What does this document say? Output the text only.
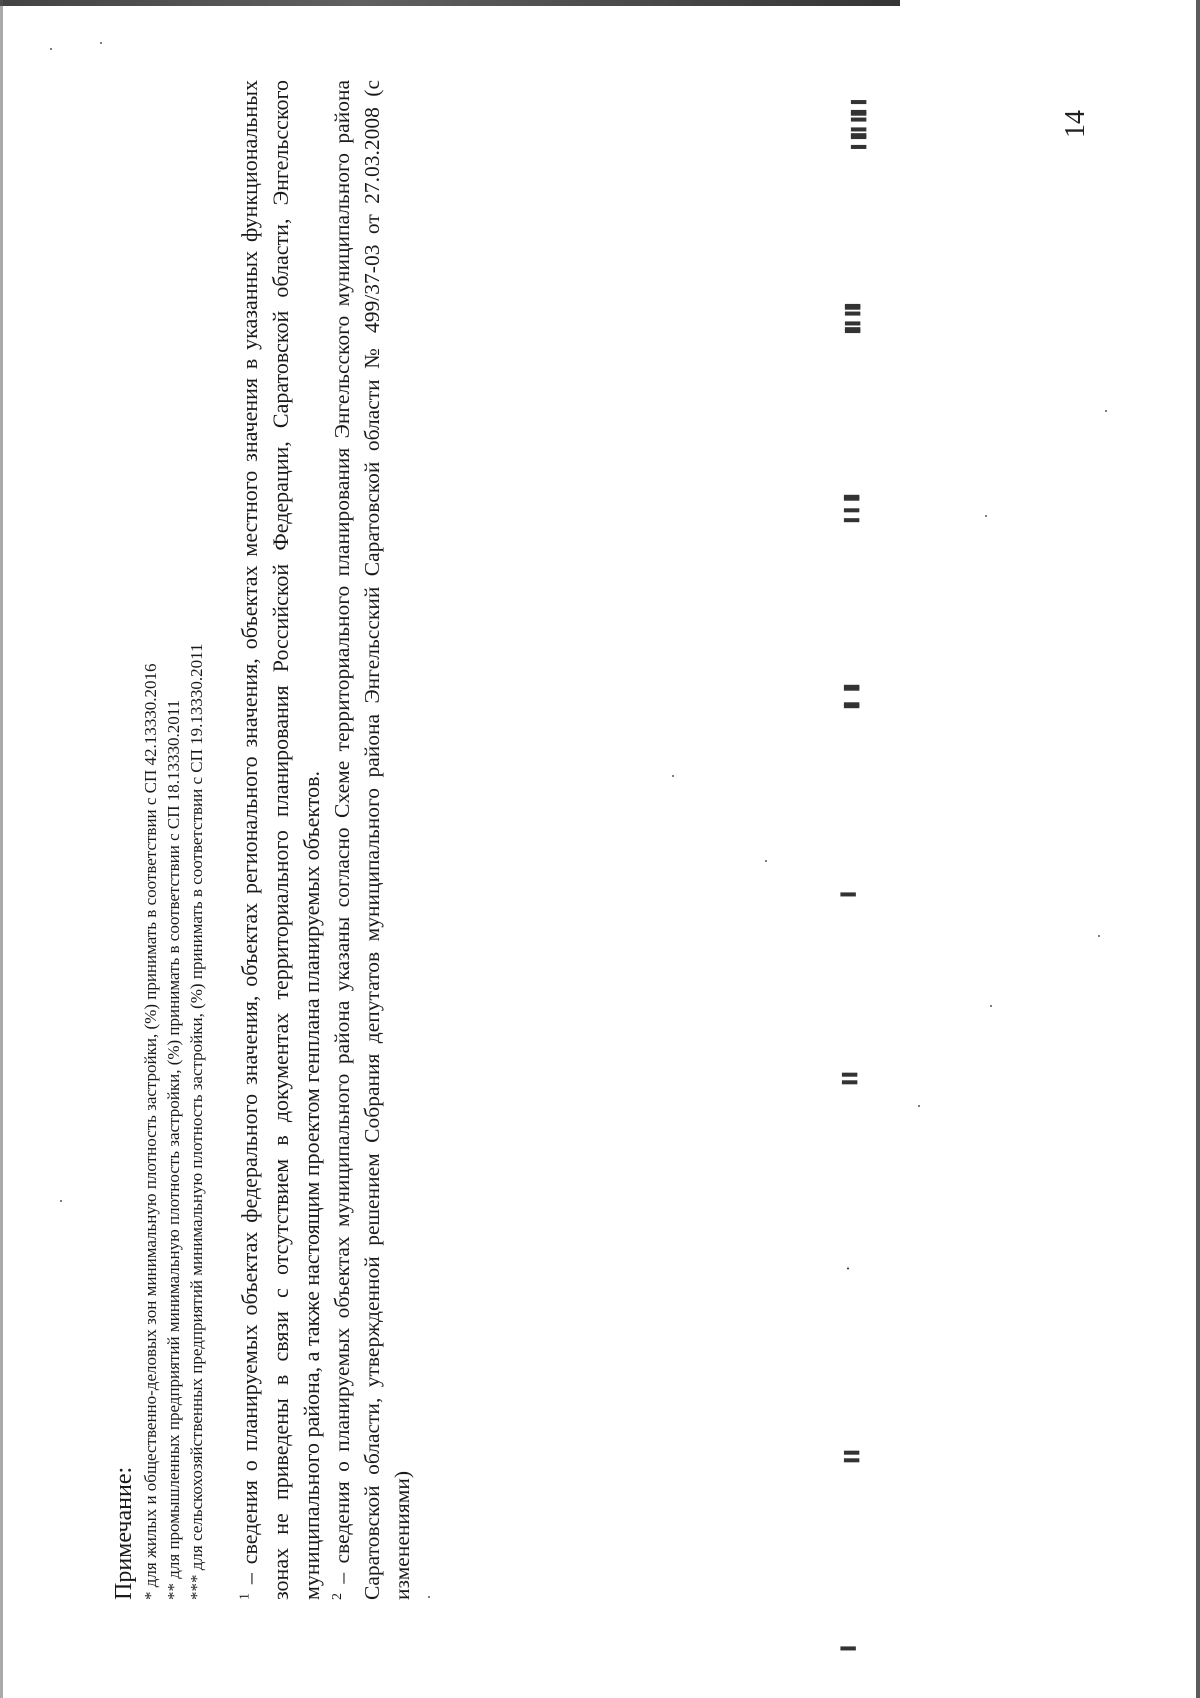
Примечание: * для жилых и общественно-деловых зон минимальную плотность застройки, (%) принимать в соответствии с СП 42.13330.2016 ** для промышленных предприятий минимальную плотность застройки, (%) принимать в соответствии с СП 18.13330.2011 *** для сельскохозяйственных предприятий минимальную плотность застройки, (%) принимать в соответствии с СП 19.13330.2011 $^1$ – сведения о планируемых объектах федерального значения, объектах регионального значения, объектах местного значения в указанных функциональных зонах не приведены в связи с отсутствием в документах территориального планирования Российской Федерации, Саратовской области, Энгельсского муниципального района, а также настоящим проектом генплана планируемых объектов. $^2$ – сведения о планируемых объектах муниципального района указаны согласно Схеме территориального планирования Энгельсского муниципального района Саратовской области, утвержденной решением Собрания депутатов муниципального района Энгельсский Саратовской области № 499/37-03 от 27.03.2008 (с изменениями)

14
▌▐▌▌▐▐▌▐
▐▌▌▐▐▌
▌▐ ▐▌
▐▌ ▐▌
▌
▐ ▌
·
▐ ▌
▌
